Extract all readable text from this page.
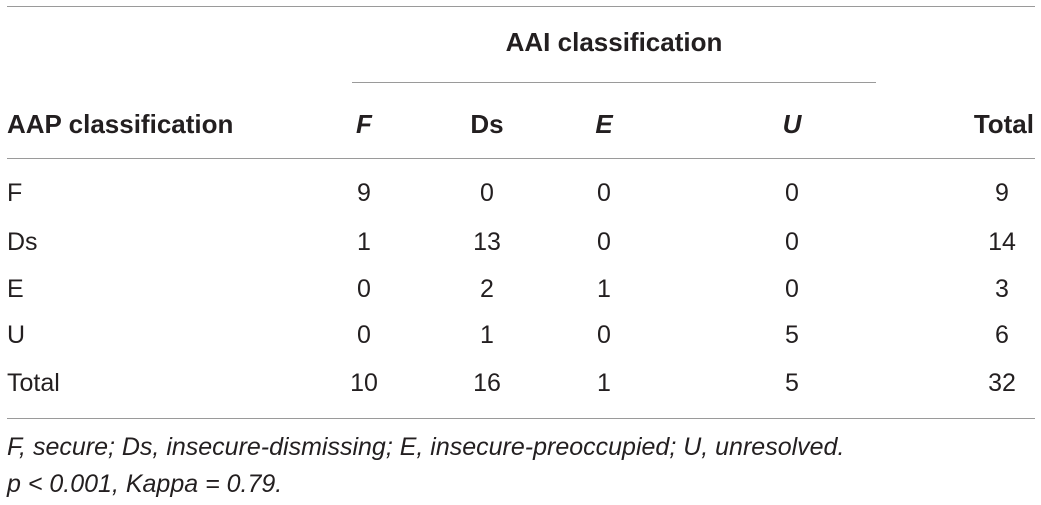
AAI classification
AAP classification	F	Ds	E	U	Total
F	9	0	0	0	9
Ds	1	13	0	0	14
E	0	2	1	0	3
U	0	1	0	5	6
Total	10	16	1	5	32
F, secure; Ds, insecure-dismissing; E, insecure-preoccupied; U, unresolved.
p < 0.001, Kappa = 0.79.
